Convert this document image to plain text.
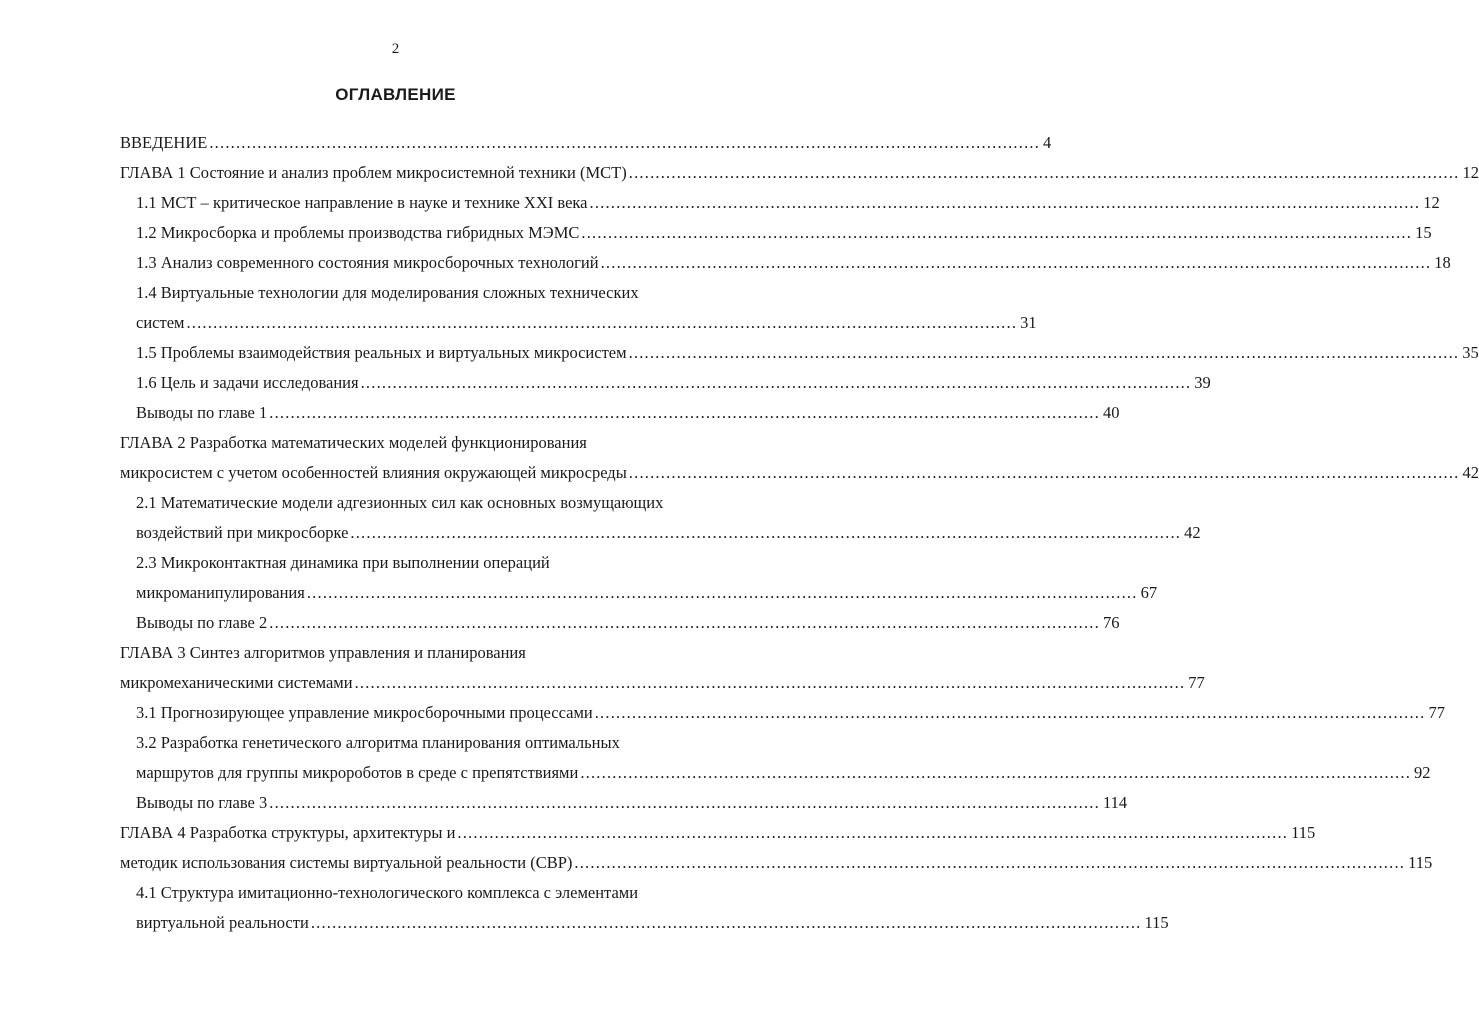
2
ОГЛАВЛЕНИЕ
ВВЕДЕНИЕ ............................................................................................................................................................ 4
ГЛАВА 1 Состояние и анализ проблем микросистемной техники (МСТ) ............................................................................................................................................................ 12
1.1 МСТ – критическое направление в науке и технике XXI века ............................................................................................................................................................ 12
1.2 Микросборка и проблемы производства гибридных МЭМС ............................................................................................................................................................ 15
1.3 Анализ современного состояния микросборочных технологий ............................................................................................................................................................ 18
1.4 Виртуальные технологии для моделирования сложных технических
систем ............................................................................................................................................................ 31
1.5 Проблемы взаимодействия реальных и виртуальных микросистем ............................................................................................................................................................ 35
1.6 Цель и задачи исследования ............................................................................................................................................................ 39
Выводы по главе 1 ............................................................................................................................................................ 40
ГЛАВА 2 Разработка математических моделей функционирования
микросистем с учетом особенностей влияния окружающей микросреды ............................................................................................................................................................ 42
2.1 Математические модели адгезионных сил как основных возмущающих
воздействий при микросборке ............................................................................................................................................................ 42
2.3 Микроконтактная динамика при выполнении операций
микроманипулирования ............................................................................................................................................................ 67
Выводы по главе 2 ............................................................................................................................................................ 76
ГЛАВА 3 Синтез алгоритмов управления и планирования
микромеханическими системами ............................................................................................................................................................ 77
3.1 Прогнозирующее управление микросборочными процессами ............................................................................................................................................................ 77
3.2 Разработка генетического алгоритма планирования оптимальных
маршрутов для группы микророботов в среде с препятствиями ............................................................................................................................................................ 92
Выводы по главе 3 ............................................................................................................................................................ 114
ГЛАВА 4 Разработка структуры, архитектуры и ............................................................................................................................................................ 115
методик использования системы виртуальной реальности (СВР) ............................................................................................................................................................ 115
4.1 Структура имитационно-технологического комплекса с элементами
виртуальной реальности ............................................................................................................................................................ 115
